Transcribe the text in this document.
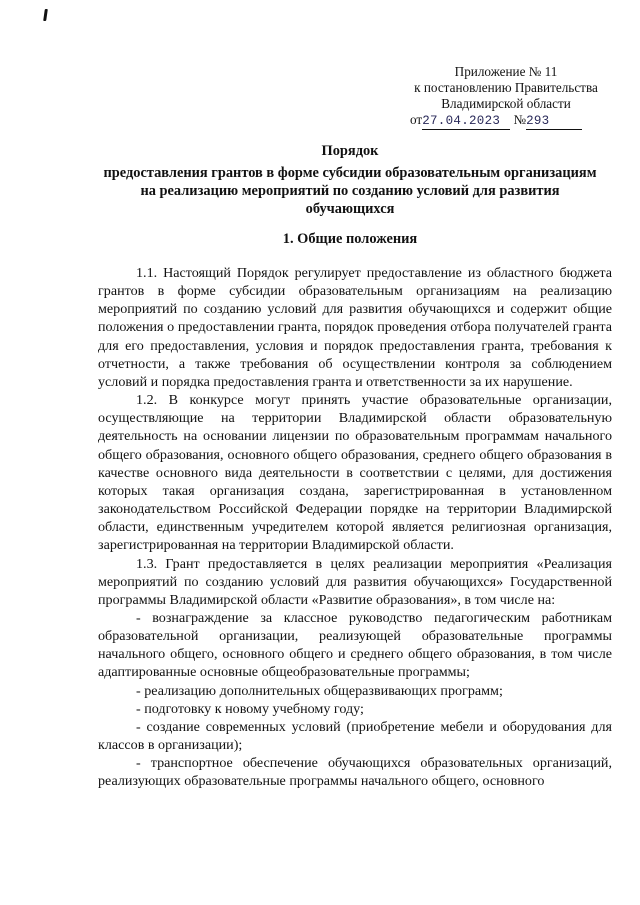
Приложение № 11
к постановлению Правительства
Владимирской области
от27.04.2023 №293
Порядок
предоставления грантов в форме субсидии образовательным организациям на реализацию мероприятий по созданию условий для развития обучающихся
1. Общие положения

1.1. Настоящий Порядок регулирует предоставление из областного бюджета грантов в форме субсидии образовательным организациям на реализацию мероприятий по созданию условий для развития обучающихся и содержит общие положения о предоставлении гранта, порядок проведения отбора получателей гранта для его предоставления, условия и порядок предоставления гранта, требования к отчетности, а также требования об осуществлении контроля за соблюдением условий и порядка предоставления гранта и ответственности за их нарушение.

1.2. В конкурсе могут принять участие образовательные организации, осуществляющие на территории Владимирской области образовательную деятельность на основании лицензии по образовательным программам начального общего образования, основного общего образования, среднего общего образования в качестве основного вида деятельности в соответствии с целями, для достижения которых такая организация создана, зарегистрированная в установленном законодательством Российской Федерации порядке на территории Владимирской области, единственным учредителем которой является религиозная организация, зарегистрированная на территории Владимирской области.

1.3. Грант предоставляется в целях реализации мероприятия «Реализация мероприятий по созданию условий для развития обучающихся» Государственной программы Владимирской области «Развитие образования», в том числе на:

- вознаграждение за классное руководство педагогическим работникам образовательной организации, реализующей образовательные программы начального общего, основного общего и среднего общего образования, в том числе адаптированные основные общеобразовательные программы;

- реализацию дополнительных общеразвивающих программ;

- подготовку к новому учебному году;

- создание современных условий (приобретение мебели и оборудования для классов в организации);

- транспортное обеспечение обучающихся образовательных организаций, реализующих образовательные программы начального общего, основного
